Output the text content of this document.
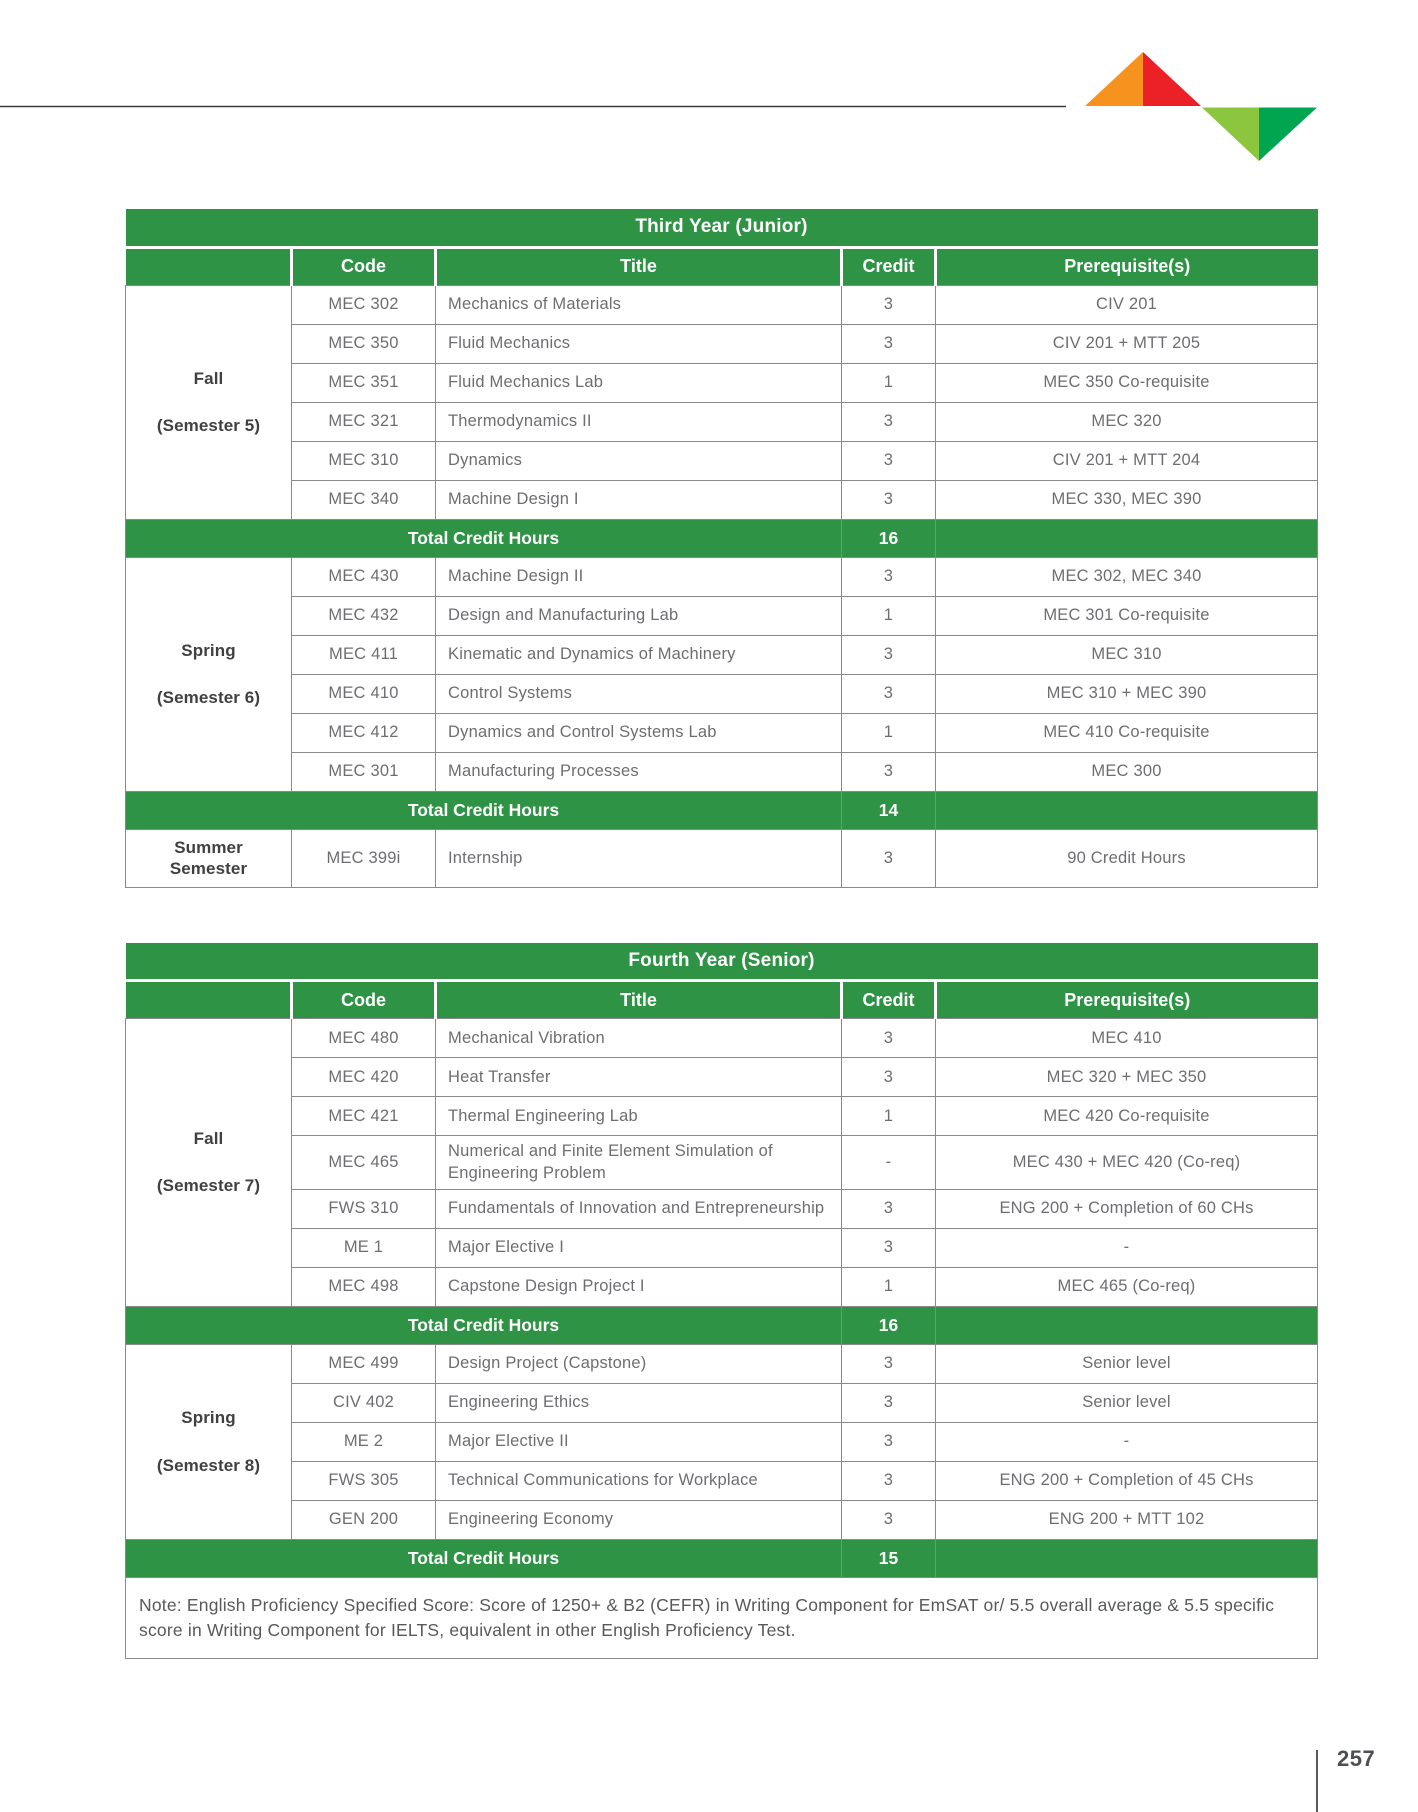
Third Year (Junior)				
	Code	Title	Credit	Prerequisite(s)

Fall
(Semester 5)	MEC 302	Mechanics of Materials	3	CIV 201
	MEC 350	Fluid Mechanics	3	CIV 201 + MTT 205
	MEC 351	Fluid Mechanics Lab	1	MEC 350 Co-requisite
	MEC 321	Thermodynamics II	3	MEC 320
	MEC 310	Dynamics	3	CIV 201 + MTT 204
	MEC 340	Machine Design I	3	MEC 330, MEC 390
Total Credit Hours			16	

Spring
(Semester 6)	MEC 430	Machine Design II	3	MEC 302, MEC 340
	MEC 432	Design and Manufacturing Lab	1	MEC 301 Co-requisite
	MEC 411	Kinematic and Dynamics of Machinery	3	MEC 310
	MEC 410	Control Systems	3	MEC 310 + MEC 390
	MEC 412	Dynamics and Control Systems Lab	1	MEC 410 Co-requisite
	MEC 301	Manufacturing Processes	3	MEC 300
Total Credit Hours			14	

Summer
Semester	MEC 399i	Internship	3	90 Credit Hours
Fourth Year (Senior)				
	Code	Title	Credit	Prerequisite(s)

Fall
(Semester 7)	MEC 480	Mechanical Vibration	3	MEC 410
	MEC 420	Heat Transfer	3	MEC 320 + MEC 350
	MEC 421	Thermal Engineering Lab	1	MEC 420 Co-requisite
	MEC 465	Numerical and Finite Element Simulation of Engineering Problem	-	MEC 430 + MEC 420 (Co-req)
	FWS 310	Fundamentals of Innovation and Entrepreneurship	3	ENG 200 + Completion of 60 CHs
	ME 1	Major Elective I	3	-
	MEC 498	Capstone Design Project I	1	MEC 465 (Co-req)
Total Credit Hours			16	

Spring
(Semester 8)	MEC 499	Design Project (Capstone)	3	Senior level
	CIV 402	Engineering Ethics	3	Senior level
	ME 2	Major Elective II	3	-
	FWS 305	Technical Communications for Workplace	3	ENG 200 + Completion of 45 CHs
	GEN 200	Engineering Economy	3	ENG 200 + MTT 102
Total Credit Hours			15	
Note: English Proficiency Specified Score: Score of 1250+ & B2 (CEFR) in Writing Component for EmSAT or/ 5.5 overall average & 5.5 specific score in Writing Component for IELTS, equivalent in other English Proficiency Test.				
257
